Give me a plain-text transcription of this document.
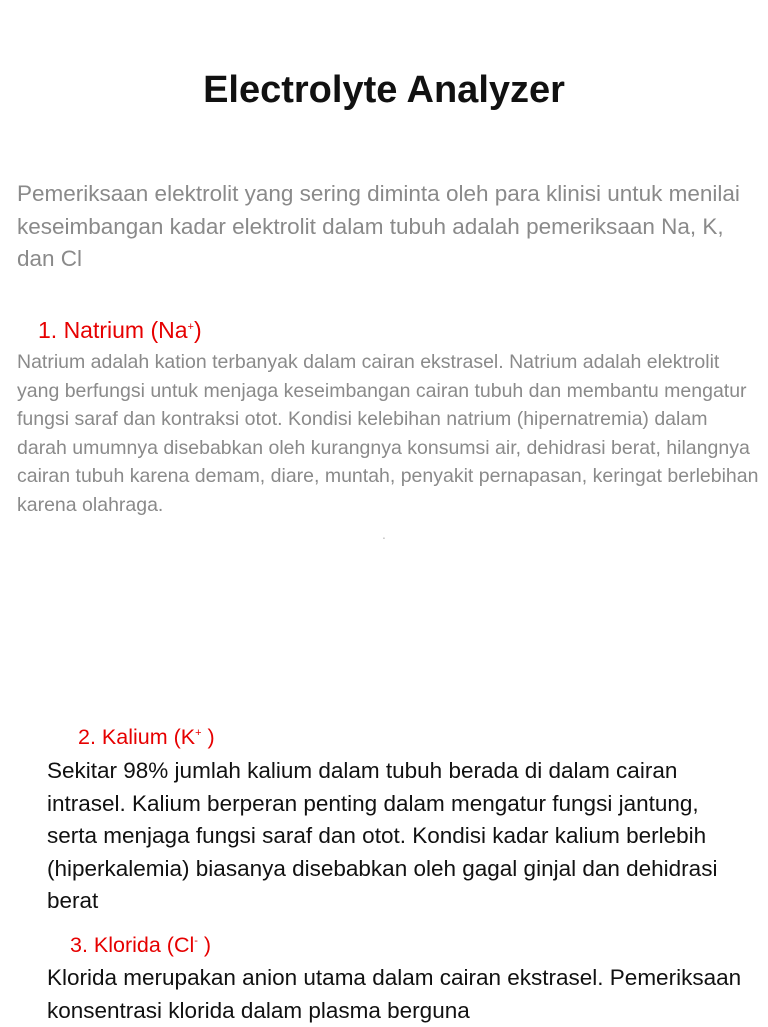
Electrolyte Analyzer

Pemeriksaan elektrolit yang sering diminta oleh para klinisi untuk menilai keseimbangan kadar elektrolit dalam tubuh adalah pemeriksaan Na, K, dan Cl

1. Natrium (Na+)

Natrium adalah kation terbanyak dalam cairan ekstrasel. Natrium adalah elektrolit yang berfungsi untuk menjaga keseimbangan cairan tubuh dan membantu mengatur fungsi saraf dan kontraksi otot. Kondisi kelebihan natrium (hipernatremia) dalam darah umumnya disebabkan oleh kurangnya konsumsi air, dehidrasi berat, hilangnya cairan tubuh karena demam, diare, muntah, penyakit pernapasan, keringat berlebihan karena olahraga.

.
2. Kalium (K+ )

Sekitar 98% jumlah kalium dalam tubuh berada di dalam cairan intrasel. Kalium berperan penting dalam mengatur fungsi jantung, serta menjaga fungsi saraf dan otot. Kondisi kadar kalium berlebih (hiperkalemia) biasanya disebabkan oleh gagal ginjal dan dehidrasi berat

3. Klorida (Cl- )

Klorida merupakan anion utama dalam cairan ekstrasel. Pemeriksaan konsentrasi klorida dalam plasma berguna
